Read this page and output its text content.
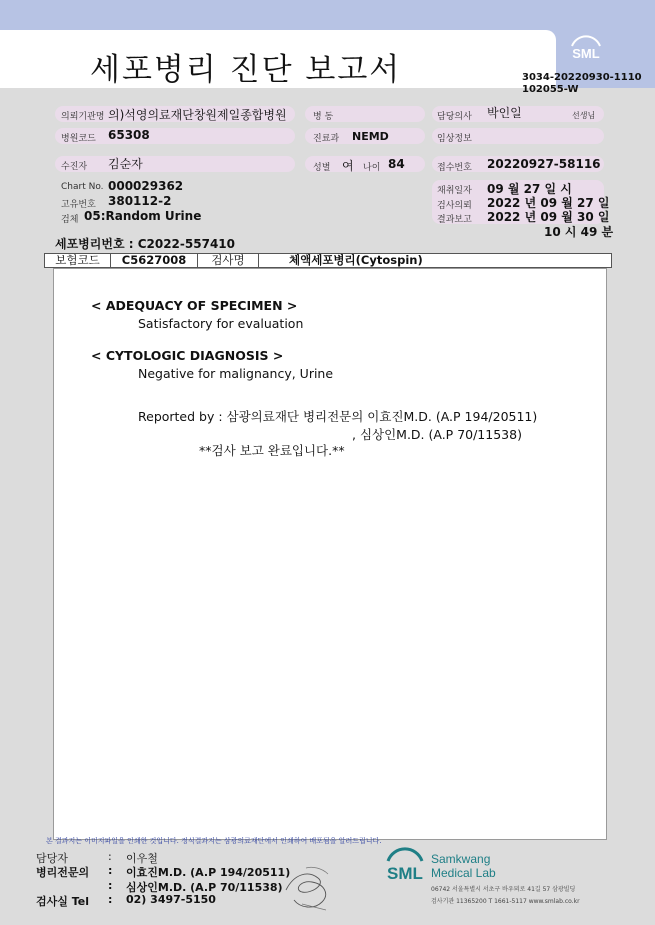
세포병리 진단 보고서	SML
3034-20220930-1110
102055-W
의뢰기관명 의)석영의료재단창원제일종합병원	병 동	담당의사 박인일	선생님
병원코드 65308	진료과 NEMD	임상정보
수진자 김순자	성별 여 나이 84	접수번호 20220927-58116
Chart No. 000029362
고유번호 380112-2
검체 05:Random Urine
채취일자 09 월 27 일 시
검사의뢰 2022 년 09 월 27 일
결과보고 2022 년 09 월 30 일
10 시 49 분
세포병리번호 : C2022-557410
보험코드	C5627008	검사명	체액세포병리(Cytospin)
< ADEQUACY OF SPECIMEN >
Satisfactory for evaluation
< CYTOLOGIC DIAGNOSIS >
Negative for malignancy, Urine
Reported by : 삼광의료재단 병리전문의 이효진M.D. (A.P 194/20511)
, 심상인M.D. (A.P 70/11538)
**검사 보고 완료입니다.**
본 결과지는 이미지파일을 인쇄한 것입니다. 정식결과지는 삼광의료재단에서 인쇄하여 배포됨을 알려드립니다.
담당자	: 이우철
병리전문의 : 이효진M.D. (A.P 194/20511)
: 심상인M.D. (A.P 70/11538)
검사실 Tel : 02) 3497-5150
SML
Samkwang
Medical Lab
06742 서울특별시 서초구 바우뫼로 41길 57 삼광빌딩
검사기관 11365200 T 1661-5117 www.smlab.co.kr
